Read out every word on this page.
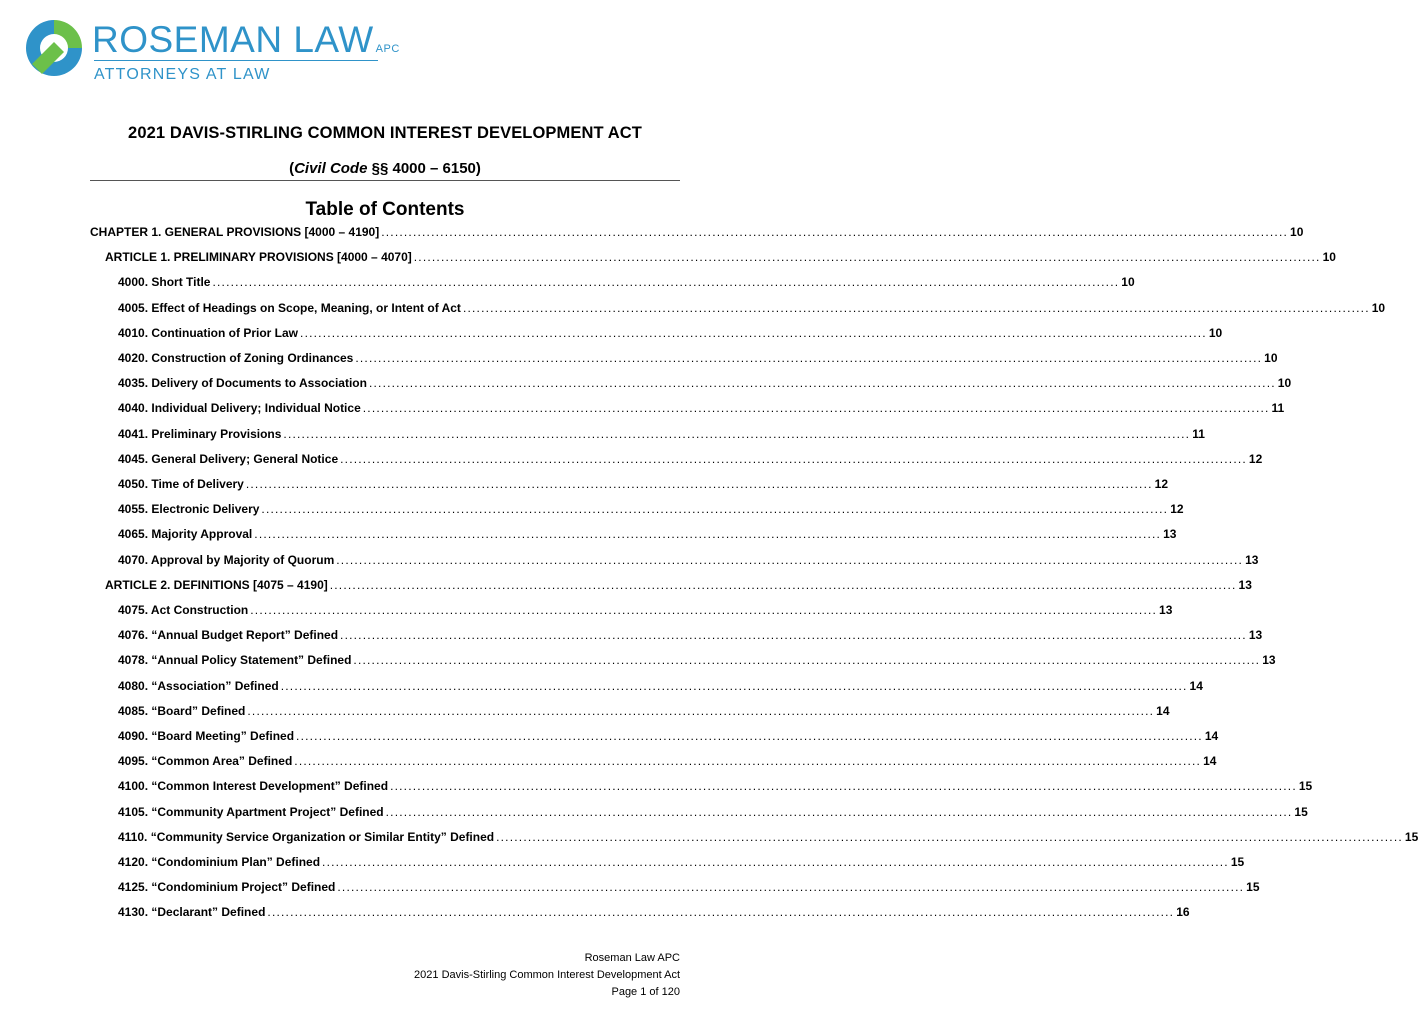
ROSEMAN LAW APC
ATTORNEYS AT LAW
2021 DAVIS-STIRLING COMMON INTEREST DEVELOPMENT ACT
(Civil Code §§ 4000 – 6150)
Table of Contents
CHAPTER 1. GENERAL PROVISIONS [4000 – 4190] ........................................................................................................................................................................................................ 10
ARTICLE 1. PRELIMINARY PROVISIONS [4000 – 4070] ........................................................................................................................................................................................................ 10
4000. Short Title ........................................................................................................................................................................................................ 10
4005. Effect of Headings on Scope, Meaning, or Intent of Act ........................................................................................................................................................................................................ 10
4010. Continuation of Prior Law ........................................................................................................................................................................................................ 10
4020. Construction of Zoning Ordinances ........................................................................................................................................................................................................ 10
4035. Delivery of Documents to Association ........................................................................................................................................................................................................ 10
4040. Individual Delivery; Individual Notice ........................................................................................................................................................................................................ 11
4041. Preliminary Provisions ........................................................................................................................................................................................................ 11
4045. General Delivery; General Notice ........................................................................................................................................................................................................ 12
4050. Time of Delivery ........................................................................................................................................................................................................ 12
4055. Electronic Delivery ........................................................................................................................................................................................................ 12
4065. Majority Approval ........................................................................................................................................................................................................ 13
4070. Approval by Majority of Quorum ........................................................................................................................................................................................................ 13
ARTICLE 2. DEFINITIONS [4075 – 4190] ........................................................................................................................................................................................................ 13
4075. Act Construction ........................................................................................................................................................................................................ 13
4076. “Annual Budget Report” Defined ........................................................................................................................................................................................................ 13
4078. “Annual Policy Statement” Defined ........................................................................................................................................................................................................ 13
4080. “Association” Defined ........................................................................................................................................................................................................ 14
4085. “Board” Defined ........................................................................................................................................................................................................ 14
4090. “Board Meeting” Defined ........................................................................................................................................................................................................ 14
4095. “Common Area” Defined ........................................................................................................................................................................................................ 14
4100. “Common Interest Development” Defined ........................................................................................................................................................................................................ 15
4105. “Community Apartment Project” Defined ........................................................................................................................................................................................................ 15
4110. “Community Service Organization or Similar Entity” Defined ........................................................................................................................................................................................................ 15
4120. “Condominium Plan” Defined ........................................................................................................................................................................................................ 15
4125. “Condominium Project” Defined ........................................................................................................................................................................................................ 15
4130. “Declarant” Defined ........................................................................................................................................................................................................ 16
Roseman Law APC
2021 Davis-Stirling Common Interest Development Act
Page 1 of 120
